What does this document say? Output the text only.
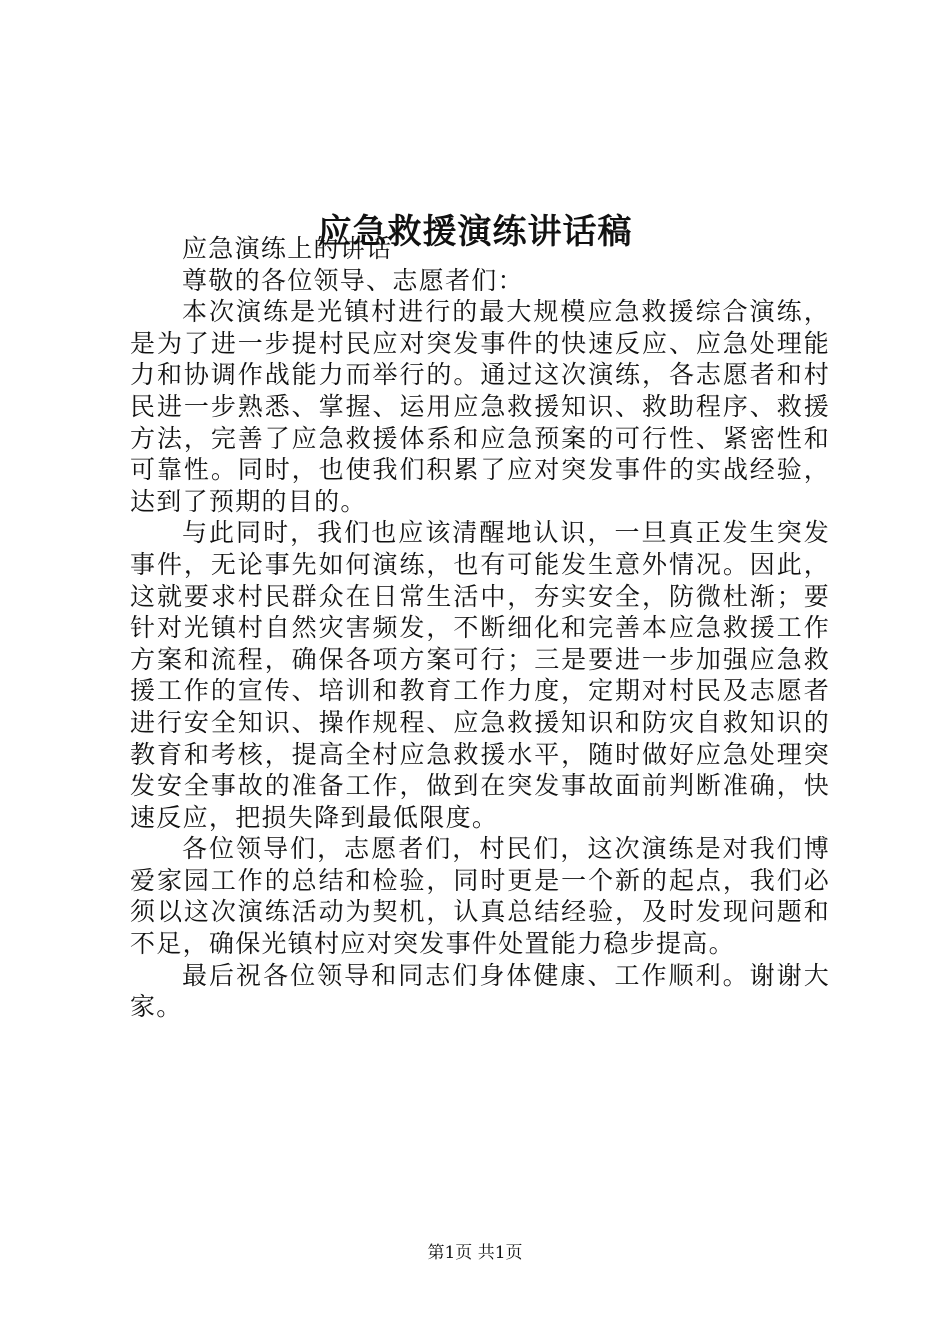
应急救援演练讲话稿

应急演练上的讲话

尊敬的各位领导、志愿者们：

本次演练是光镇村进行的最大规模应急救援综合演练，是为了进一步提村民应对突发事件的快速反应、应急处理能力和协调作战能力而举行的。通过这次演练，各志愿者和村民进一步熟悉、掌握、运用应急救援知识、救助程序、救援方法，完善了应急救援体系和应急预案的可行性、紧密性和可靠性。同时，也使我们积累了应对突发事件的实战经验，达到了预期的目的。

与此同时，我们也应该清醒地认识，一旦真正发生突发事件，无论事先如何演练，也有可能发生意外情况。因此，这就要求村民群众在日常生活中，夯实安全，防微杜渐；要针对光镇村自然灾害频发，不断细化和完善本应急救援工作方案和流程，确保各项方案可行；三是要进一步加强应急救援工作的宣传、培训和教育工作力度，定期对村民及志愿者进行安全知识、操作规程、应急救援知识和防灾自救知识的教育和考核，提高全村应急救援水平，随时做好应急处理突发安全事故的准备工作，做到在突发事故面前判断准确，快速反应，把损失降到最低限度。

各位领导们，志愿者们，村民们，这次演练是对我们博爱家园工作的总结和检验，同时更是一个新的起点，我们必须以这次演练活动为契机，认真总结经验，及时发现问题和不足，确保光镇村应对突发事件处置能力稳步提高。

最后祝各位领导和同志们身体健康、工作顺利。谢谢大家。

第1页 共1页
